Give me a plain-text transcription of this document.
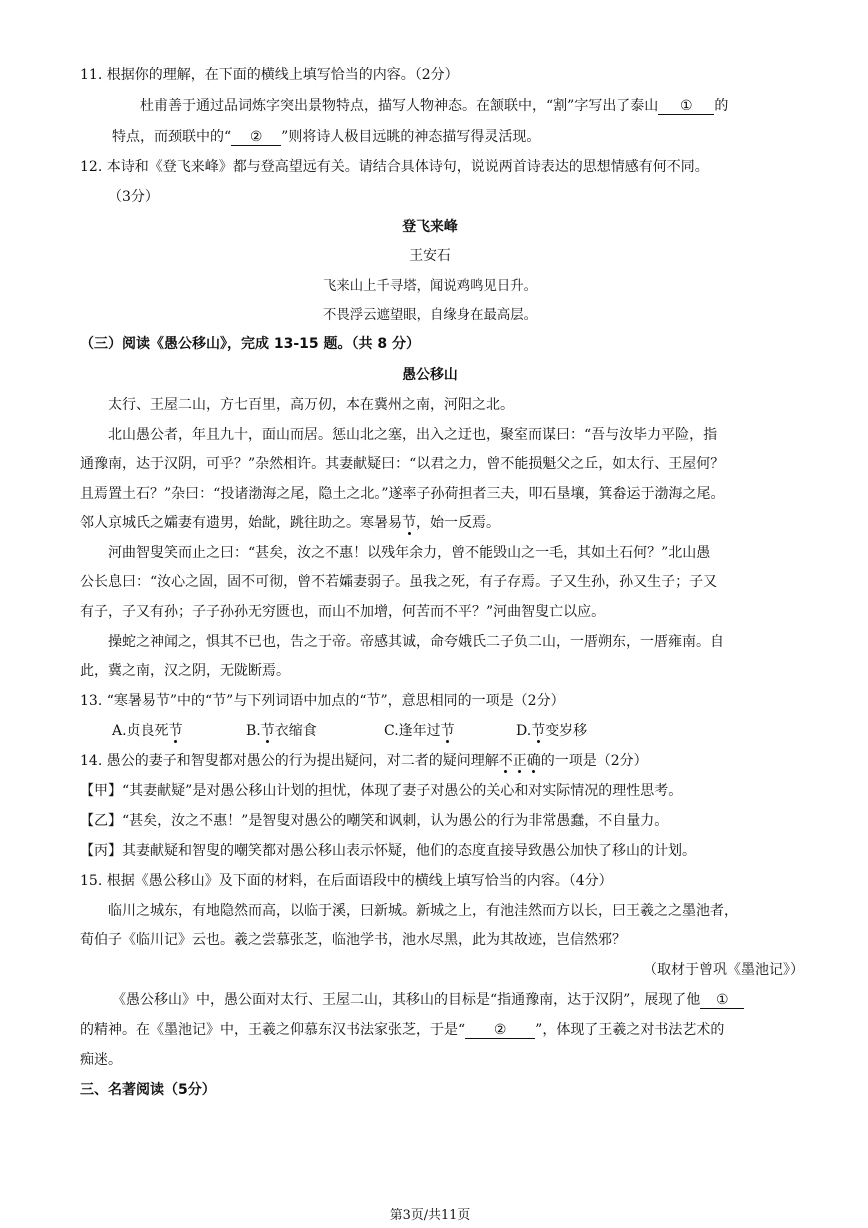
11. 根据你的理解，在下面的横线上填写恰当的内容。（2分）
杜甫善于通过品词炼字突出景物特点，描写人物神态。在颔联中，“割”字写出了泰山 ① 的
特点，而颈联中的“ ② ”则将诗人极目远眺的神态描写得灵活现。
12. 本诗和《登飞来峰》都与登高望远有关。请结合具体诗句，说说两首诗表达的思想情感有何不同。
（3分）
登飞来峰
王安石
飞来山上千寻塔，闻说鸡鸣见日升。
不畏浮云遮望眼，自缘身在最高层。
（三）阅读《愚公移山》，完成 13-15 题。（共 8 分）
愚公移山
太行、王屋二山，方七百里，高万仞，本在冀州之南，河阳之北。
北山愚公者，年且九十，面山而居。惩山北之塞，出入之迂也，聚室而谋曰：“吾与汝毕力平险，指
通豫南，达于汉阴，可乎？”杂然相许。其妻献疑曰：“以君之力，曾不能损魁父之丘，如太行、王屋何？
且焉置土石？”杂曰：“投诸渤海之尾，隐土之北。”遂率子孙荷担者三夫，叩石垦壤，箕畚运于渤海之尾。
邻人京城氏之孀妻有遗男，始龀，跳往助之。寒暑易节，始一反焉。
河曲智叟笑而止之曰：“甚矣，汝之不惠！以残年余力，曾不能毁山之一毛，其如土石何？”北山愚
公长息曰：“汝心之固，固不可彻，曾不若孀妻弱子。虽我之死，有子存焉。子又生孙，孙又生子；子又
有子，子又有孙；子子孙孙无穷匮也，而山不加增，何苦而不平？”河曲智叟亡以应。
操蛇之神闻之，惧其不已也，告之于帝。帝感其诚，命夸娥氏二子负二山，一厝朔东，一厝雍南。自
此，冀之南，汉之阴，无陇断焉。
13. “寒暑易节”中的“节”与下列词语中加点的“节”，意思相同的一项是（2分）
A.贞良死节	B.节衣缩食	C.逢年过节	D.节变岁移
14. 愚公的妻子和智叟都对愚公的行为提出疑问，对二者的疑问理解不正确的一项是（2分）
【甲】“其妻献疑”是对愚公移山计划的担忧，体现了妻子对愚公的关心和对实际情况的理性思考。
【乙】“甚矣，汝之不惠！”是智叟对愚公的嘲笑和讽刺，认为愚公的行为非常愚蠢，不自量力。
【丙】其妻献疑和智叟的嘲笑都对愚公移山表示怀疑，他们的态度直接导致愚公加快了移山的计划。
15. 根据《愚公移山》及下面的材料，在后面语段中的横线上填写恰当的内容。（4分）
临川之城东，有地隐然而高，以临于溪，曰新城。新城之上，有池洼然而方以长，曰王羲之之墨池者，
荀伯子《临川记》云也。羲之尝慕张芝，临池学书，池水尽黑，此为其故迹，岂信然邪？
（取材于曾巩《墨池记》）
《愚公移山》中，愚公面对太行、王屋二山，其移山的目标是“指通豫南，达于汉阴”，展现了他 ①
的精神。在《墨池记》中，王羲之仰慕东汉书法家张芝，于是“ ② ”，体现了王羲之对书法艺术的
痴迷。
三、名著阅读（5分）
第3页/共11页
